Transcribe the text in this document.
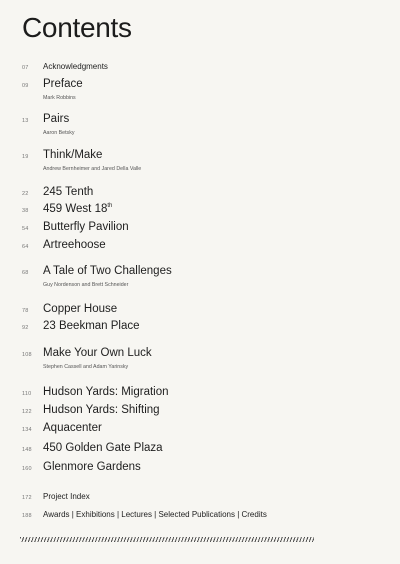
Contents
07 Acknowledgments
09 Preface
Mark Robbins
13 Pairs
Aaron Betsky
19 Think/Make
Andrew Bernheimer and Jared Della Valle
22 245 Tenth
38 459 West 18th
54 Butterfly Pavilion
64 Artreehoose
68 A Tale of Two Challenges
Guy Nordenson and Brett Schneider
78 Copper House
92 23 Beekman Place
108 Make Your Own Luck
Stephen Cassell and Adam Yarinsky
110 Hudson Yards: Migration
122 Hudson Yards: Shifting
134 Aquacenter
148 450 Golden Gate Plaza
160 Glenmore Gardens
172 Project Index
188 Awards | Exhibitions | Lectures | Selected Publications | Credits
